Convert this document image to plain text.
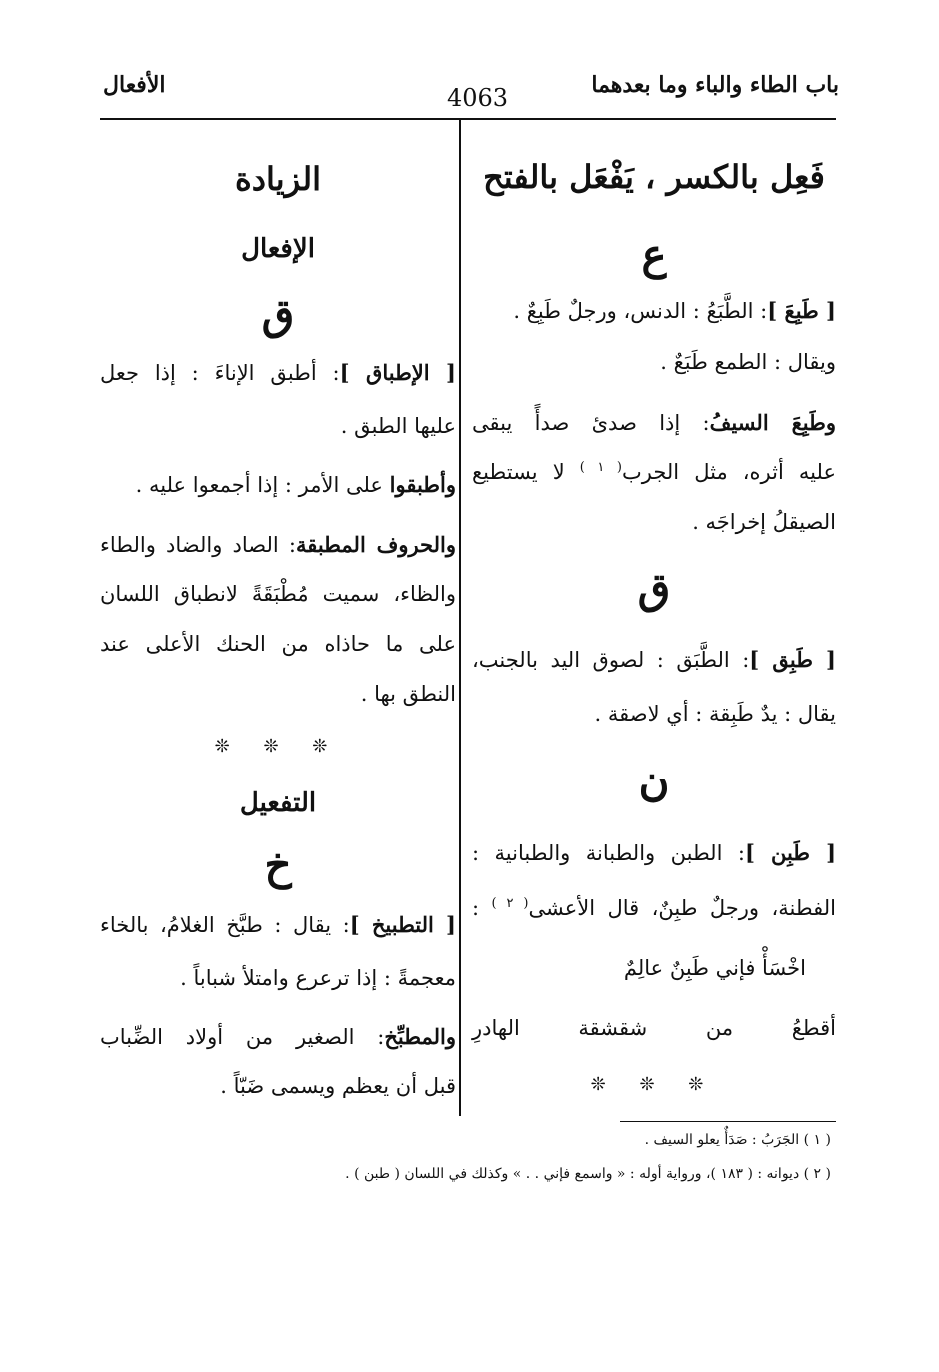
باب الطاء والباء وما بعدهما
4063
الأفعال

فَعِل بالكسر ، يَفْعَل بالفتح

ع

[ طَبِعَ ]: الطَّبَعُ : الدنس، ورجلٌ طَبِعٌ .

ويقال : الطمع طَبَعٌ .

وطَبِعَ السيفُ: إذا صدئ صدأً يبقى

عليه أثره، مثل الجرب$^{( ١ )}$ لا يستطيع

الصيقلُ إخراجَه .

ق

[ طَبِق ]: الطَّبَق : لصوق اليد بالجنب،

يقال : يدٌ طَبِقة : أي لاصقة .

ن

[ طَبِن ]: الطبن والطبانة والطبانية :

الفطنة، ورجلٌ طبِنٌ، قال الأعشى$^{( ٢ )}$ :

اخْسَأْ فإني طَبِنٌ عالِمٌ

أقطعُ من شقشقة الهادرِ

❊ ❊ ❊

الزيادة

الإفعال

ق

[ الإطباق ]: أطبق الإناءَ : إذا جعل

عليها الطبق .

وأطبقوا على الأمر : إذا أجمعوا عليه .

والحروف المطبقة: الصاد والضاد والطاء

والظاء، سميت مُطْبَقَةً لانطباق اللسان

على ما حاذاه من الحنك الأعلى عند

النطق بها .

❊ ❊ ❊

التفعيل

خ

[ التطبيخ ]: يقال : طبَّخ الغلامُ، بالخاء

معجمةً : إذا ترعرع وامتلأ شباباً .

والمطبِّخ: الصغير من أولاد الضِّباب

قبل أن يعظم ويسمى ضَبّاً .

( ١ ) الجَرَبُ : صَدَأٌ يعلو السيف .
( ٢ ) ديوانه : ( ١٨٣ )، ورواية أوله : « واسمع فإني . . » وكذلك في اللسان ( طبن ) .
